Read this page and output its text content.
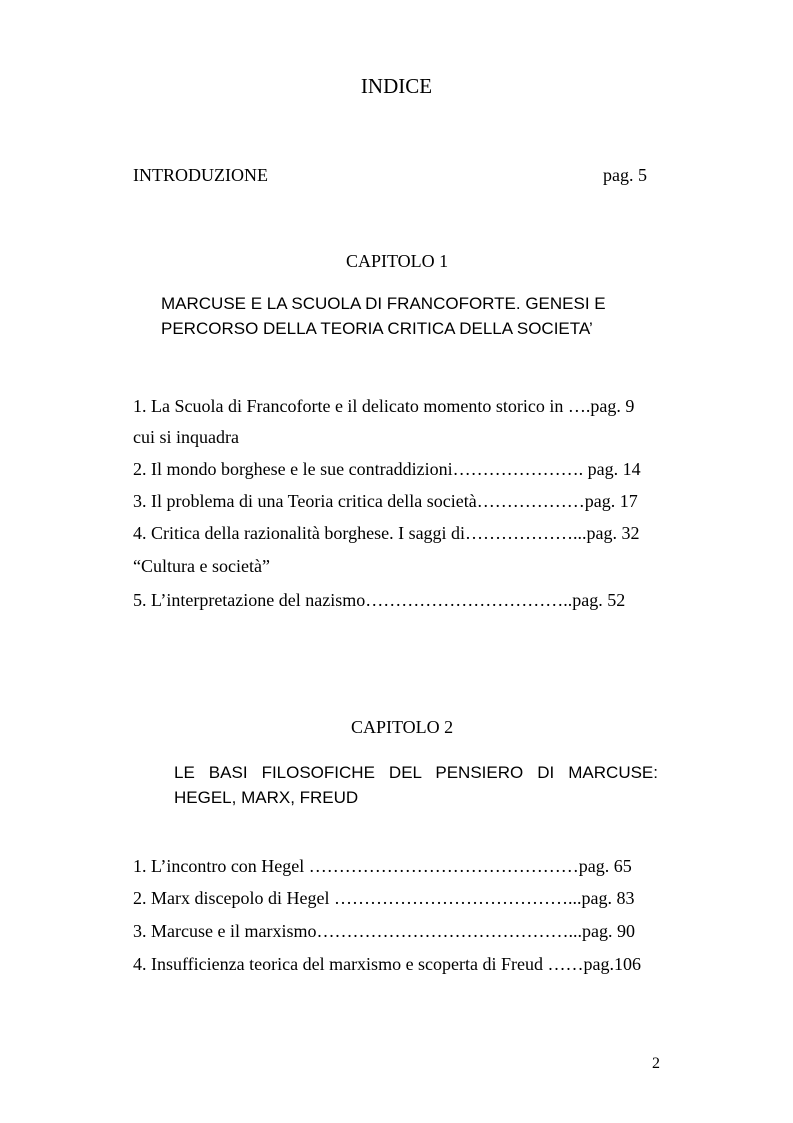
INDICE
INTRODUZIONE	pag. 5
CAPITOLO 1
MARCUSE E LA SCUOLA DI FRANCOFORTE. GENESI E
PERCORSO DELLA TEORIA CRITICA DELLA SOCIETA’
1. La Scuola di Francoforte e il delicato momento storico in ….pag. 9
cui si inquadra
2. Il mondo borghese e le sue contraddizioni…………………. pag. 14
3. Il problema di una Teoria critica della società………………pag. 17
4. Critica della razionalità borghese. I saggi di………………...pag. 32
“Cultura e società”
5. L’interpretazione del nazismo……………………………..pag. 52
CAPITOLO 2
LE BASI FILOSOFICHE DEL PENSIERO DI MARCUSE:
HEGEL, MARX, FREUD
1. L’incontro con Hegel ………………………………………pag. 65
2. Marx discepolo di Hegel …………………………………...pag. 83
3. Marcuse e il marxismo……………………………………...pag. 90
4. Insufficienza teorica del marxismo e scoperta di Freud ……pag.106
2
